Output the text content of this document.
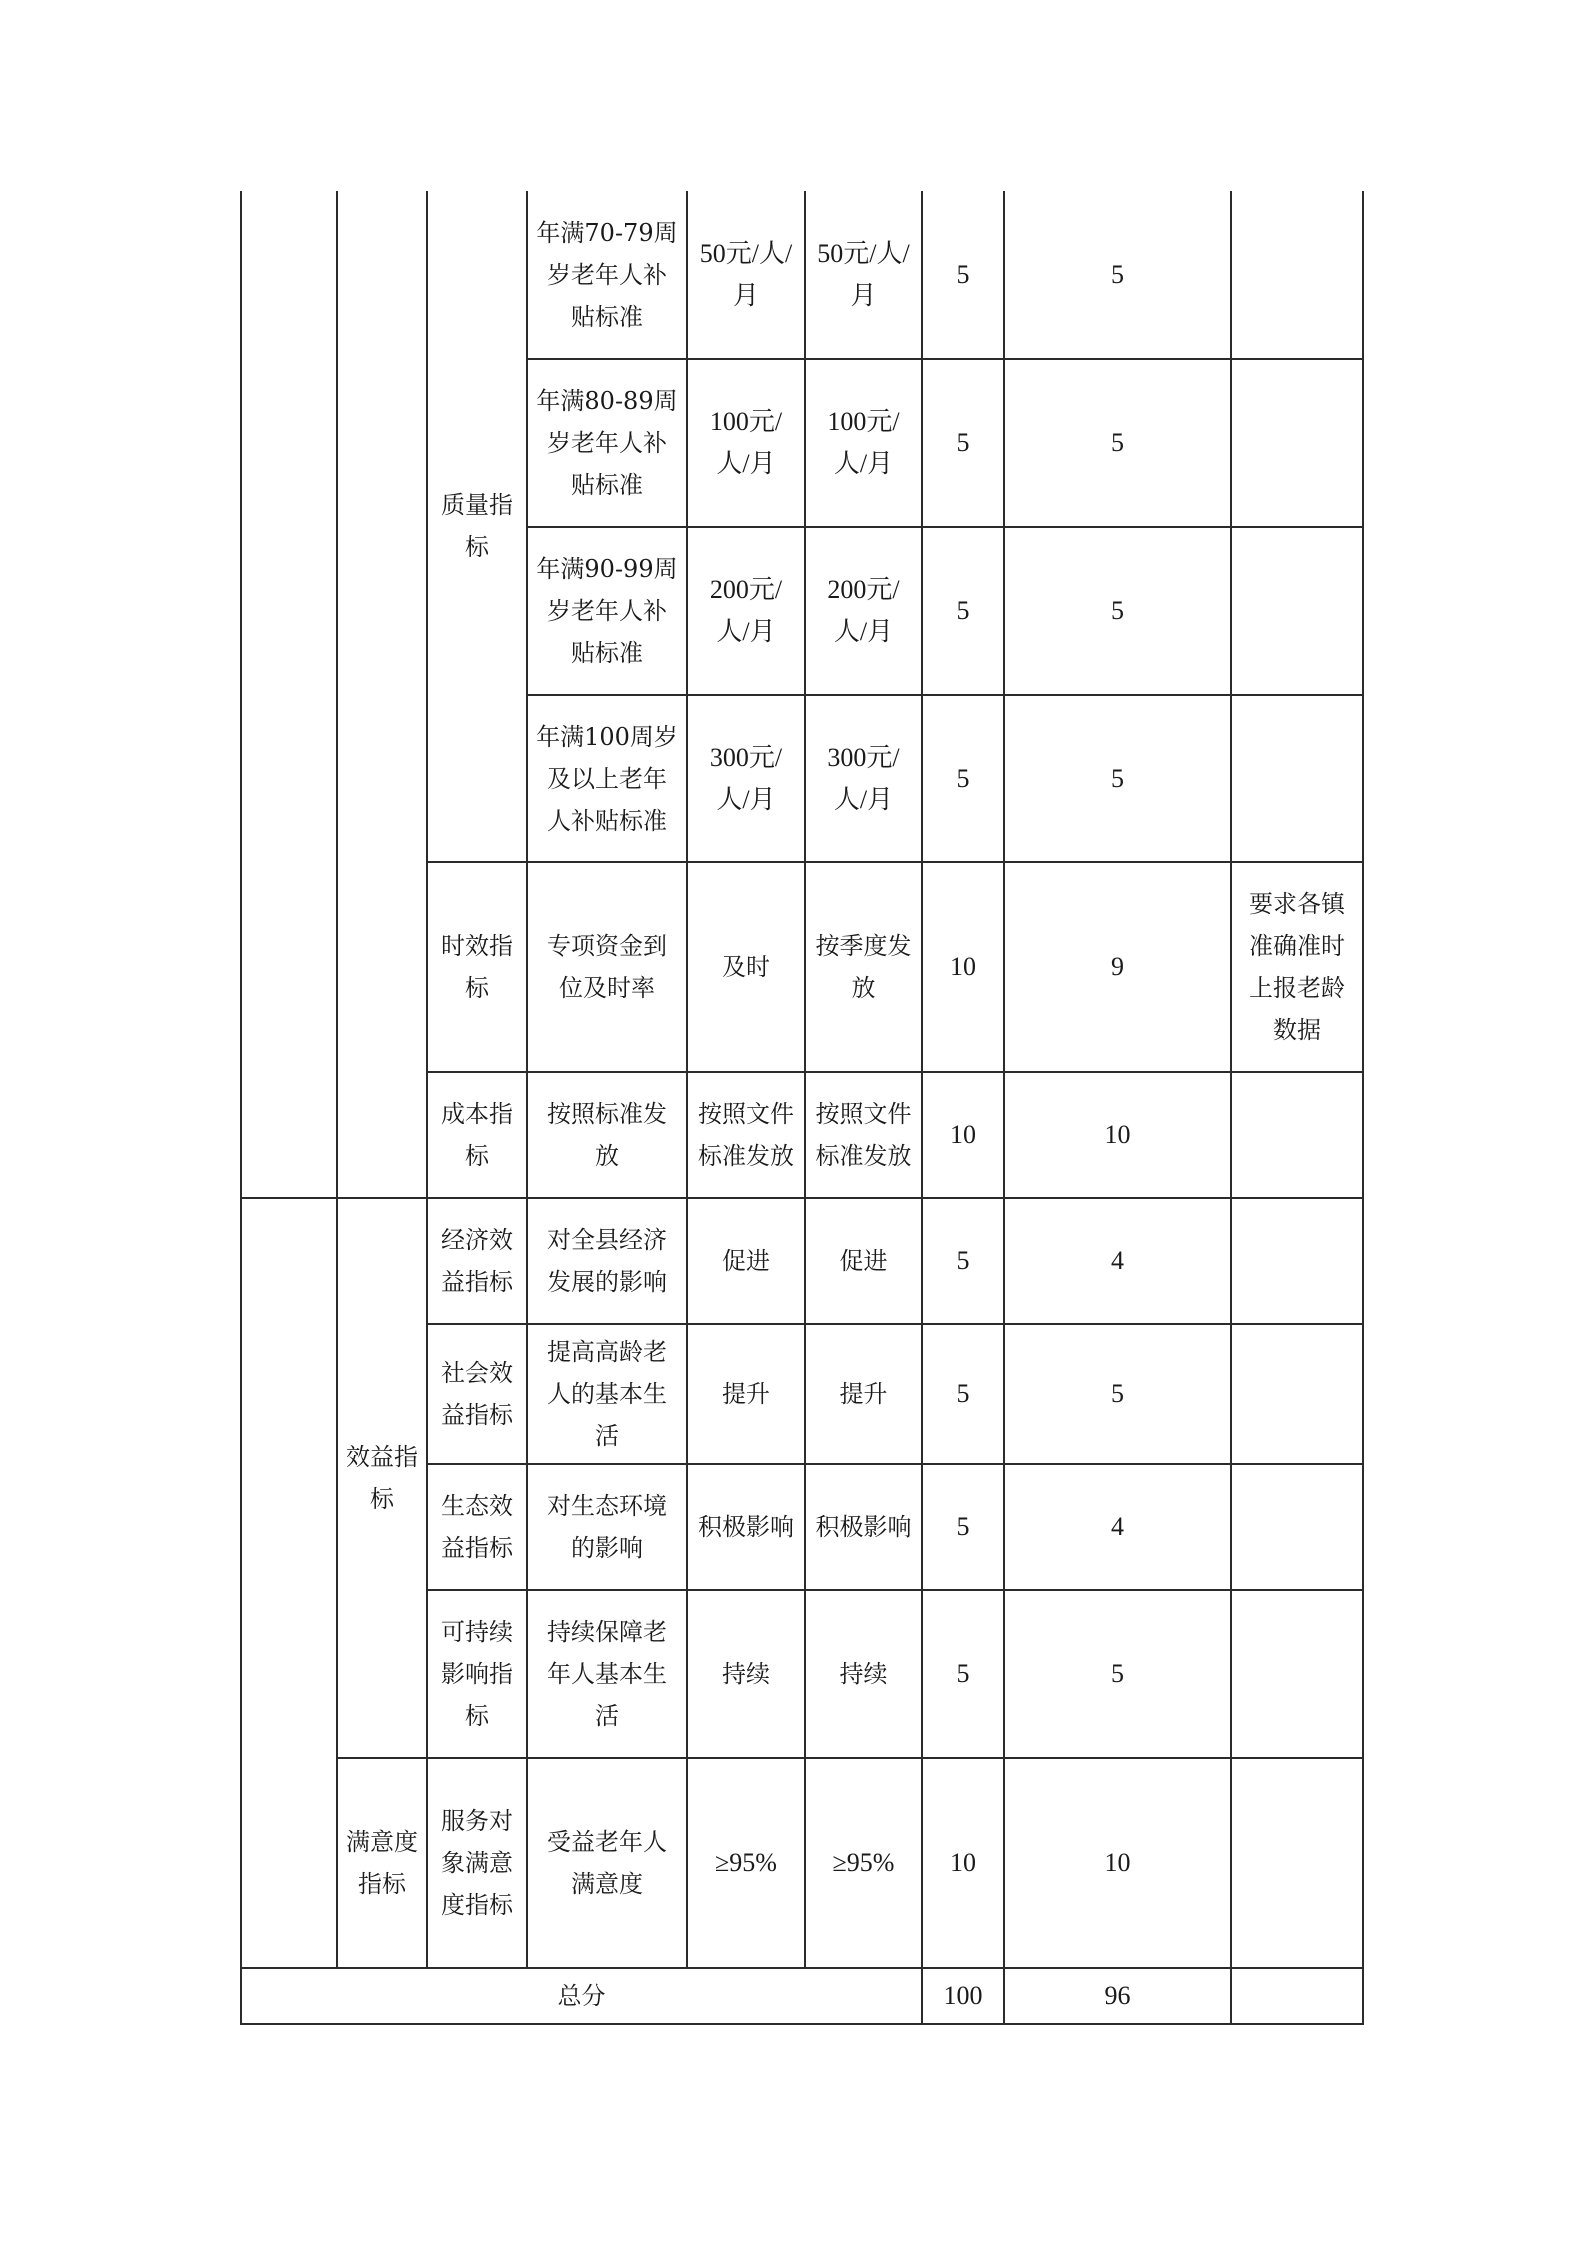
		质量指标	年满70-79周岁老年人补贴标准	50元/人/月	50元/人/月	5	5	
			年满80-89周岁老年人补贴标准	100元/人/月	100元/人/月	5	5	
			年满90-99周岁老年人补贴标准	200元/人/月	200元/人/月	5	5	
			年满100周岁及以上老年人补贴标准	300元/人/月	300元/人/月	5	5	
		时效指标	专项资金到位及时率	及时	按季度发放	10	9	要求各镇准确准时上报老龄数据
		成本指标	按照标准发放	按照文件标准发放	按照文件标准发放	10	10	
	效益指标	经济效益指标	对全县经济发展的影响	促进	促进	5	4	
		社会效益指标	提高高龄老人的基本生活	提升	提升	5	5	
		生态效益指标	对生态环境的影响	积极影响	积极影响	5	4	
		可持续影响指标	持续保障老年人基本生活	持续	持续	5	5	
	满意度指标	服务对象满意度指标	受益老年人满意度	≥95%	≥95%	10	10	
总分						100	96	
